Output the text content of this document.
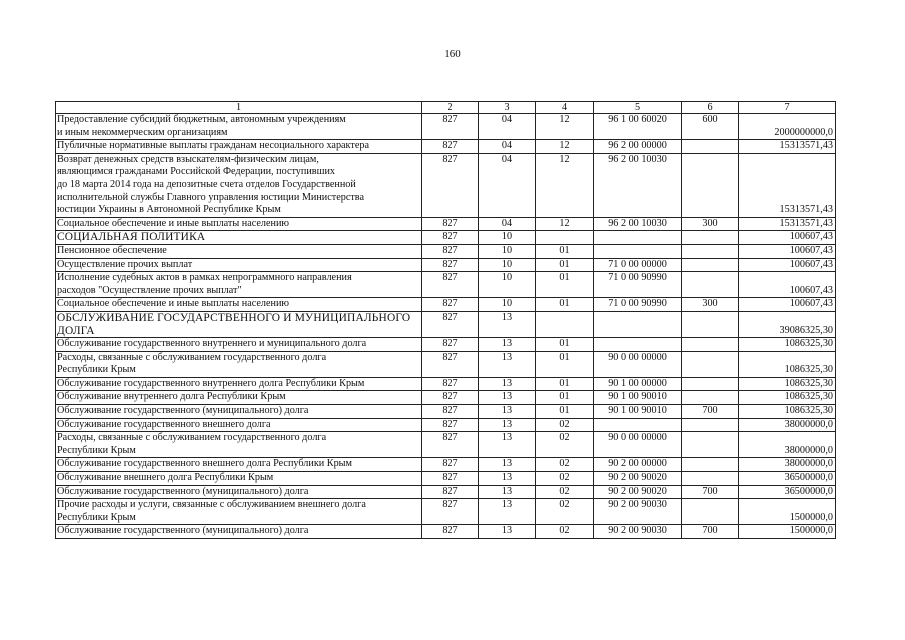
160
1	2	3	4	5	6	7
Предоставление субсидий бюджетным, автономным учреждениям
и иным некоммерческим организациям	827	04	12	96 1 00 60020	600	2000000000,0
Публичные нормативные выплаты гражданам несоциального характера	827	04	12	96 2 00 00000		15313571,43
Возврат денежных средств взыскателям-физическим лицам,
являющимся гражданами Российской Федерации, поступивших
до 18 марта 2014 года на депозитные счета отделов Государственной
исполнительной службы Главного управления юстиции Министерства
юстиции Украины в Автономной Республике Крым	827	04	12	96 2 00 10030		15313571,43
Социальное обеспечение и иные выплаты населению	827	04	12	96 2 00 10030	300	15313571,43
СОЦИАЛЬНАЯ ПОЛИТИКА	827	10				100607,43
Пенсионное обеспечение	827	10	01			100607,43
Осуществление прочих выплат	827	10	01	71 0 00 00000		100607,43
Исполнение судебных актов в рамках непрограммного направления
расходов "Осуществление прочих выплат"	827	10	01	71 0 00 90990		100607,43
Социальное обеспечение и иные выплаты населению	827	10	01	71 0 00 90990	300	100607,43
ОБСЛУЖИВАНИЕ ГОСУДАРСТВЕННОГО И МУНИЦИПАЛЬНОГО
ДОЛГА	827	13				39086325,30
Обслуживание государственного внутреннего и муниципального долга	827	13	01			1086325,30
Расходы, связанные с обслуживанием государственного долга
Республики Крым	827	13	01	90 0 00 00000		1086325,30
Обслуживание государственного внутреннего долга Республики Крым	827	13	01	90 1 00 00000		1086325,30
Обслуживание внутреннего долга Республики Крым	827	13	01	90 1 00 90010		1086325,30
Обслуживание государственного (муниципального) долга	827	13	01	90 1 00 90010	700	1086325,30
Обслуживание государственного внешнего долга	827	13	02			38000000,0
Расходы, связанные с обслуживанием государственного долга
Республики Крым	827	13	02	90 0 00 00000		38000000,0
Обслуживание государственного внешнего долга Республики Крым	827	13	02	90 2 00 00000		38000000,0
Обслуживание внешнего долга Республики Крым	827	13	02	90 2 00 90020		36500000,0
Обслуживание государственного (муниципального) долга	827	13	02	90 2 00 90020	700	36500000,0
Прочие расходы и услуги, связанные с обслуживанием внешнего долга
Республики Крым	827	13	02	90 2 00 90030		1500000,0
Обслуживание государственного (муниципального) долга	827	13	02	90 2 00 90030	700	1500000,0
